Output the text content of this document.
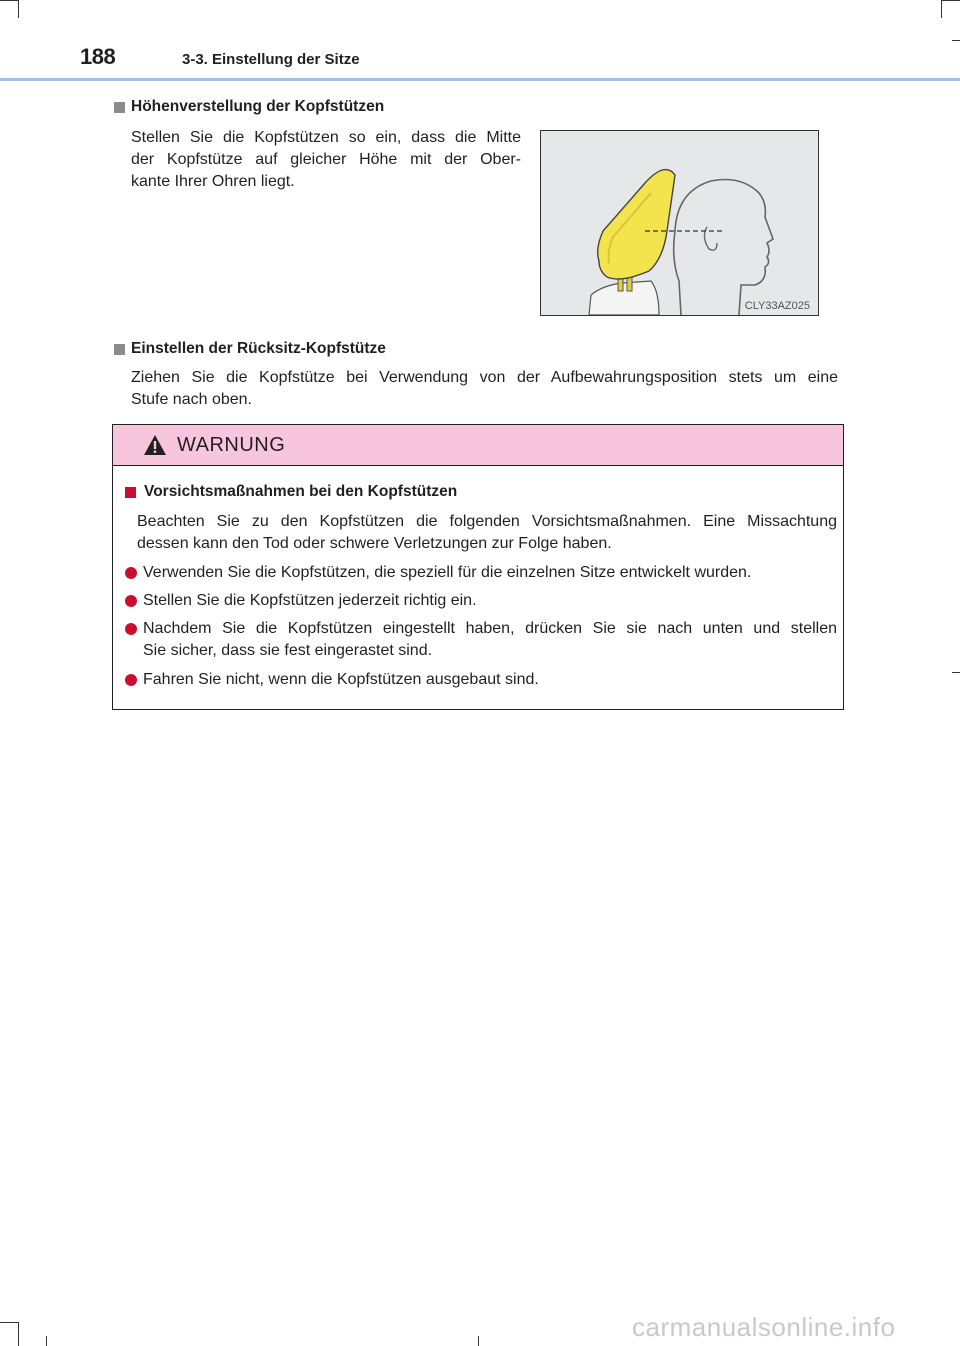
188	3-3. Einstellung der Sitze
Höhenverstellung der Kopfstützen
Stellen Sie die Kopfstützen so ein, dass die Mitte
der Kopfstütze auf gleicher Höhe mit der Ober-
kante Ihrer Ohren liegt.
CLY33AZ025
Einstellen der Rücksitz-Kopfstütze
Ziehen Sie die Kopfstütze bei Verwendung von der Aufbewahrungsposition stets um eine
Stufe nach oben.
WARNUNG
Vorsichtsmaßnahmen bei den Kopfstützen
Beachten Sie zu den Kopfstützen die folgenden Vorsichtsmaßnahmen. Eine Missachtung
dessen kann den Tod oder schwere Verletzungen zur Folge haben.
Verwenden Sie die Kopfstützen, die speziell für die einzelnen Sitze entwickelt wurden.
Stellen Sie die Kopfstützen jederzeit richtig ein.
Nachdem Sie die Kopfstützen eingestellt haben, drücken Sie sie nach unten und stellen
Sie sicher, dass sie fest eingerastet sind.
Fahren Sie nicht, wenn die Kopfstützen ausgebaut sind.
carmanualsonline.info
